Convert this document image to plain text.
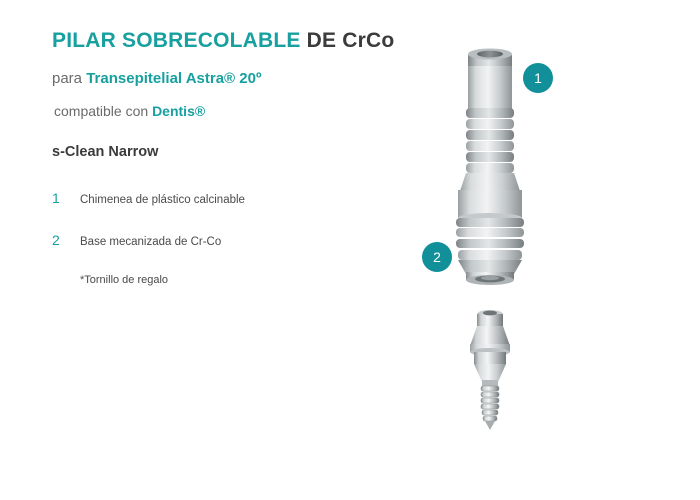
PILAR SOBRECOLABLE DE CrCo

para Transepitelial Astra® 20º

compatible con Dentis®

s-Clean Narrow

1	Chimenea de plástico calcinable
2	Base mecanizada de Cr-Co
*Tornillo de regalo
1
2
